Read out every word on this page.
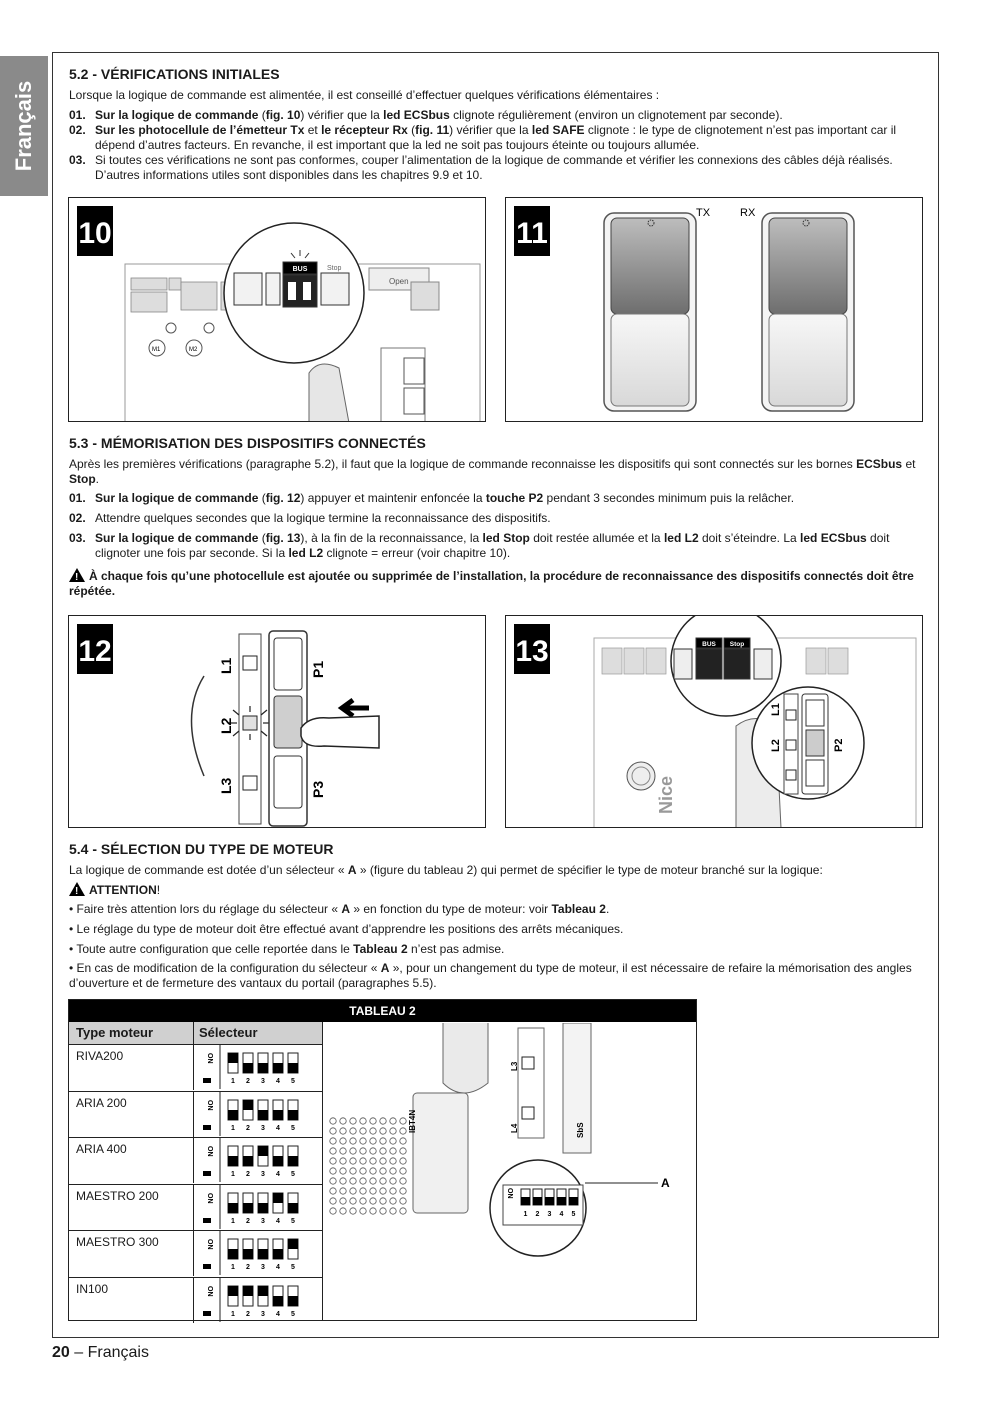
Français
5.2 - VÉRIFICATIONS INITIALES
Lorsque la logique de commande est alimentée, il est conseillé d’effectuer quelques vérifications élémentaires :
01. Sur la logique de commande (fig. 10) vérifier que la led ECSbus clignote régulièrement (environ un clignotement par seconde).
02. Sur les photocellule de l’émetteur Tx et le récepteur Rx (fig. 11) vérifier que la led SAFE clignote : le type de clignotement n’est pas important car il dépend d’autres facteurs. En revanche, il est important que la led ne soit pas toujours éteinte ou toujours allumée.
03. Si toutes ces vérifications ne sont pas conformes, couper l’alimentation de la logique de commande et vérifier les connexions des câbles déjà réalisés. D’autres informations utiles sont disponibles dans les chapitres 9.9 et 10.
10
M1	M2
Open
BUS	Stop
11
TX	RX
5.3 - MÉMORISATION DES DISPOSITIFS CONNECTÉS
Après les premières vérifications (paragraphe 5.2), il faut que la logique de commande reconnaisse les dispositifs qui sont connectés sur les bornes ECSbus et Stop.
01. Sur la logique de commande (fig. 12) appuyer et maintenir enfoncée la touche P2 pendant 3 secondes minimum puis la relâcher.
02. Attendre quelques secondes que la logique termine la reconnaissance des dispositifs.
03. Sur la logique de commande (fig. 13), à la fin de la reconnaissance, la led Stop doit restée allumée et la led L2 doit s’éteindre. La led ECSbus doit clignoter une fois par seconde. Si la led L2 clignote = erreur (voir chapitre 10).
!À chaque fois qu’une photocellule est ajoutée ou supprimée de l’installation, la procédure de reconnaissance des dispositifs connectés doit être répétée.
12	L1
L2
L3
P1
P3
13
Nice
BUS Stop
L1
L2	P2
5.4 - SÉLECTION DU TYPE DE MOTEUR
La logique de commande est dotée d’un sélecteur « A » (figure du tableau 2) qui permet de spécifier le type de moteur branché sur la logique:
!ATTENTION!
• Faire très attention lors du réglage du sélecteur « A » en fonction du type de moteur: voir Tableau 2.
• Le réglage du type de moteur doit être effectué avant d’apprendre les positions des arrêts mécaniques.
• Toute autre configuration que celle reportée dans le Tableau 2 n’est pas admise.
• En cas de modification de la configuration du sélecteur « A », pour un changement du type de moteur, il est nécessaire de refaire la mémorisation des angles d’ouverture et de fermeture des vantaux du portail (paragraphes 5.5).
TABLEAU 2
Type moteur	Sélecteur
RIVA200	ON
1 2 3 4 5
ARIA 200	ON
1 2 3 4 5
ARIA 400	ON
1 2 3 4 5
MAESTRO 200	ON
1 2 3 4 5
MAESTRO 300	ON
1 2 3 4 5
IN100	ON
1 2 3 4 5
L3
L4	SbS
IBT4N
1 2 3 4 5
ON
A
20 – Français
